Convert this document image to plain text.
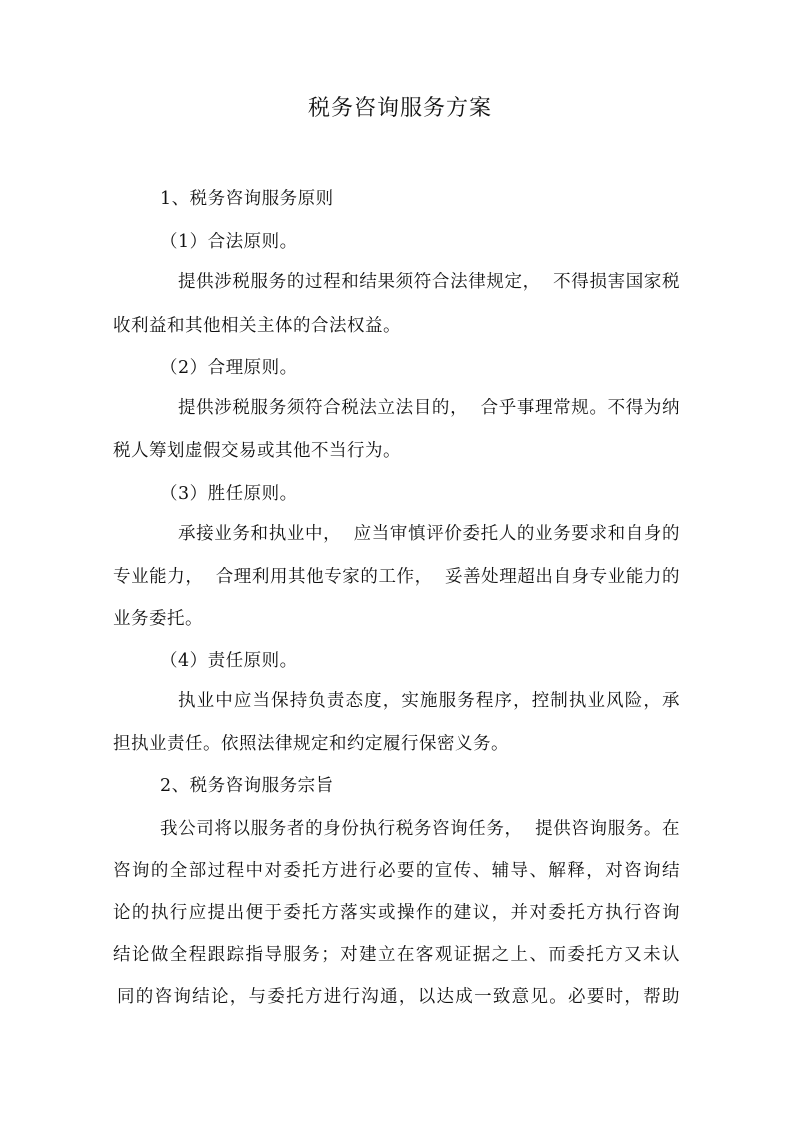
税务咨询服务方案
1、税务咨询服务原则
（1）合法原则。
提供涉税服务的过程和结果须符合法律规定，  不得损害国家税
收利益和其他相关主体的合法权益。
（2）合理原则。
提供涉税服务须符合税法立法目的，  合乎事理常规。不得为纳
税人筹划虚假交易或其他不当行为。
（3）胜任原则。
承接业务和执业中，  应当审慎评价委托人的业务要求和自身的
专业能力，  合理利用其他专家的工作，  妥善处理超出自身专业能力的
业务委托。
（4）责任原则。
执业中应当保持负责态度，实施服务程序，控制执业风险，承
担执业责任。依照法律规定和约定履行保密义务。
2、税务咨询服务宗旨
我公司将以服务者的身份执行税务咨询任务，  提供咨询服务。在
咨询的全部过程中对委托方进行必要的宣传、辅导、解释，对咨询结
论的执行应提出便于委托方落实或操作的建议，并对委托方执行咨询
结论做全程跟踪指导服务；对建立在客观证据之上、而委托方又未认
同的咨询结论，与委托方进行沟通，以达成一致意见。必要时，帮助
